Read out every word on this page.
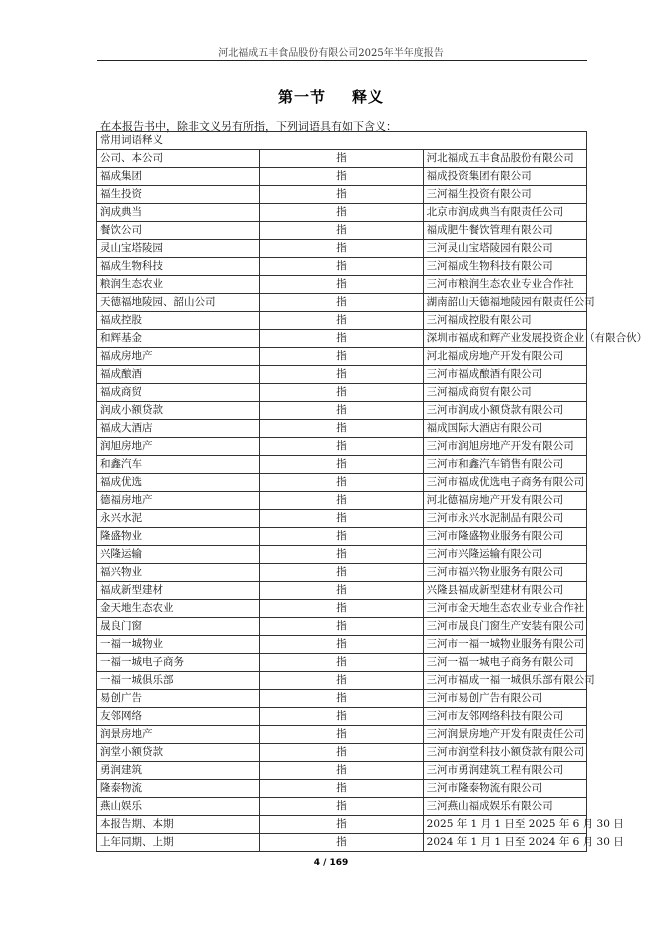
河北福成五丰食品股份有限公司2025年半年度报告
第一节 释义
在本报告书中，除非文义另有所指，下列词语具有如下含义：
常用词语释义		
公司、本公司	指	河北福成五丰食品股份有限公司
福成集团	指	福成投资集团有限公司
福生投资	指	三河福生投资有限公司
润成典当	指	北京市润成典当有限责任公司
餐饮公司	指	福成肥牛餐饮管理有限公司
灵山宝塔陵园	指	三河灵山宝塔陵园有限公司
福成生物科技	指	三河福成生物科技有限公司
粮润生态农业	指	三河市粮润生态农业专业合作社
天德福地陵园、韶山公司	指	湖南韶山天德福地陵园有限责任公司
福成控股	指	三河福成控股有限公司
和辉基金	指	深圳市福成和辉产业发展投资企业（有限合伙）
福成房地产	指	河北福成房地产开发有限公司
福成酿酒	指	三河市福成酿酒有限公司
福成商贸	指	三河福成商贸有限公司
润成小额贷款	指	三河市润成小额贷款有限公司
福成大酒店	指	福成国际大酒店有限公司
润旭房地产	指	三河市润旭房地产开发有限公司
和鑫汽车	指	三河市和鑫汽车销售有限公司
福成优选	指	三河市福成优选电子商务有限公司
德福房地产	指	河北德福房地产开发有限公司
永兴水泥	指	三河市永兴水泥制品有限公司
隆盛物业	指	三河市隆盛物业服务有限公司
兴隆运输	指	三河市兴隆运输有限公司
福兴物业	指	三河市福兴物业服务有限公司
福成新型建材	指	兴隆县福成新型建材有限公司
金天地生态农业	指	三河市金天地生态农业专业合作社
晟良门窗	指	三河市晟良门窗生产安装有限公司
一福一城物业	指	三河市一福一城物业服务有限公司
一福一城电子商务	指	三河一福一城电子商务有限公司
一福一城俱乐部	指	三河市福成一福一城俱乐部有限公司
易创广告	指	三河市易创广告有限公司
友邻网络	指	三河市友邻网络科技有限公司
润景房地产	指	三河润景房地产开发有限责任公司
润堂小额贷款	指	三河市润堂科技小额贷款有限公司
勇润建筑	指	三河市勇润建筑工程有限公司
隆泰物流	指	三河市隆泰物流有限公司
燕山娱乐	指	三河燕山福成娱乐有限公司
本报告期、本期	指	2025 年 1 月 1 日至 2025 年 6 月 30 日
上年同期、上期	指	2024 年 1 月 1 日至 2024 年 6 月 30 日
4 / 169
